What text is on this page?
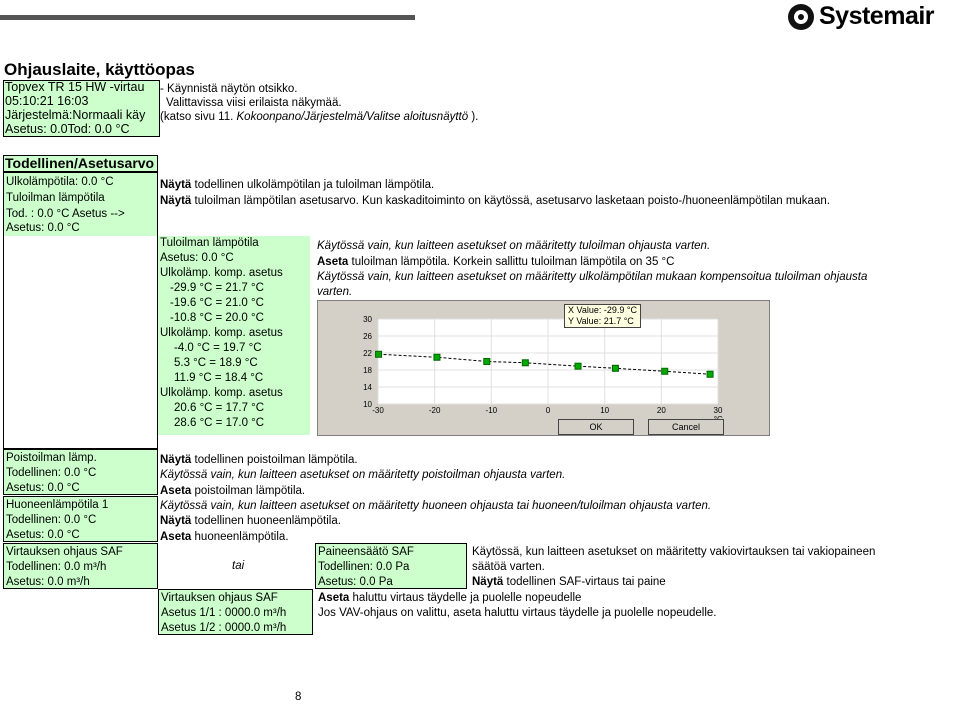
Systemair
Ohjauslaite, käyttöopas
Topvex TR 15 HW -virtau
05:10:21 16:03
Järjestelmä:Normaali käy
Asetus: 0.0Tod: 0.0 °C
- Käynnistä näytön otsikko.
Valittavissa viisi erilaista näkymää.
(katso sivu 11. Kokoonpano/Järjestelmä/Valitse aloitusnäyttö ).
Todellinen/Asetusarvo
Ulkolämpötila: 0.0 °C
Tuloilman lämpötila
Tod. : 0.0 °C Asetus -->
Asetus: 0.0 °C
Näytä todellinen ulkolämpötilan ja tuloilman lämpötila.
Näytä tuloilman lämpötilan asetusarvo. Kun kaskaditoiminto on käytössä, asetusarvo lasketaan poisto-/huoneenlämpötilan mukaan.
Tuloilman lämpötila
Asetus: 0.0 °C
Ulkolämp. komp. asetus
-29.9 °C = 21.7 °C
-19.6 °C = 21.0 °C
-10.8 °C = 20.0 °C
Ulkolämp. komp. asetus
-4.0 °C = 19.7 °C
5.3 °C = 18.9 °C
11.9 °C = 18.4 °C
Ulkolämp. komp. asetus
20.6 °C = 17.7 °C
28.6 °C = 17.0 °C
Käytössä vain, kun laitteen asetukset on määritetty tuloilman ohjausta varten.
Aseta tuloilman lämpötila. Korkein sallittu tuloilman lämpötila on 35 °C
Käytössä vain, kun laitteen asetukset on määritetty ulkolämpötilan mukaan kompensoitua tuloilman ohjausta
varten.
30
26
22
18
14
10
-30	-20	-10	0	10	20	30
X Value: -29.9 °C
Y Value: 21.7 °C
OK	Cancel
Poistoilman lämp.
Todellinen: 0.0 °C
Asetus: 0.0 °C
Näytä todellinen poistoilman lämpötila.
Käytössä vain, kun laitteen asetukset on määritetty poistoilman ohjausta varten.
Aseta poistoilman lämpötila.
Huoneenlämpötila 1
Todellinen: 0.0 °C
Asetus: 0.0 °C
Käytössä vain, kun laitteen asetukset on määritetty huoneen ohjausta tai huoneen/tuloilman ohjausta varten.
Näytä todellinen huoneenlämpötila.
Aseta huoneenlämpötila.
Virtauksen ohjaus SAF
Todellinen: 0.0 m³/h
Asetus: 0.0 m³/h
tai
Paineensäätö SAF
Todellinen: 0.0 Pa
Asetus: 0.0 Pa
Käytössä, kun laitteen asetukset on määritetty vakiovirtauksen tai vakiopaineen
säätöä varten.
Näytä todellinen SAF-virtaus tai paine
Virtauksen ohjaus SAF
Asetus 1/1 : 0000.0 m³/h
Asetus 1/2 : 0000.0 m³/h
Aseta haluttu virtaus täydelle ja puolelle nopeudelle
Jos VAV-ohjaus on valittu, aseta haluttu virtaus täydelle ja puolelle nopeudelle.
8
